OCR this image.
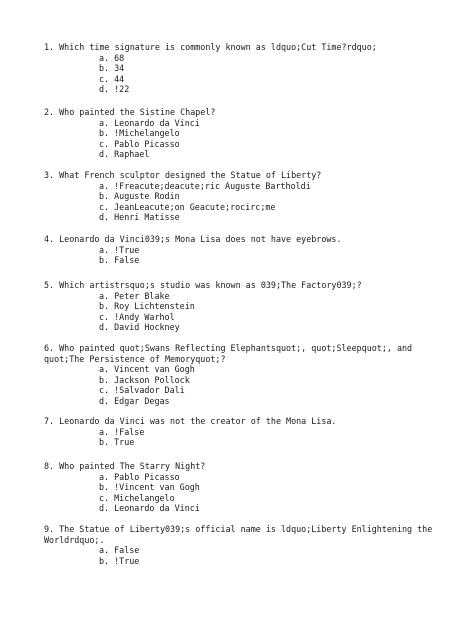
1. Which time signature is commonly known as ldquo;Cut Time?rdquo;
a. 68
b. 34
c. 44
d. !22
2. Who painted the Sistine Chapel?
a. Leonardo da Vinci
b. !Michelangelo
c. Pablo Picasso
d. Raphael
3. What French sculptor designed the Statue of Liberty?
a. !Freacute;deacute;ric Auguste Bartholdi
b. Auguste Rodin
c. JeanLeacute;on Geacute;rocirc;me
d. Henri Matisse
4. Leonardo da Vinci039;s Mona Lisa does not have eyebrows.
a. !True
b. False
5. Which artistrsquo;s studio was known as 039;The Factory039;?
a. Peter Blake
b. Roy Lichtenstein
c. !Andy Warhol
d. David Hockney
6. Who painted quot;Swans Reflecting Elephantsquot;, quot;Sleepquot;, and quot;The Persistence of Memoryquot;?
a. Vincent van Gogh
b. Jackson Pollock
c. !Salvador Dali
d. Edgar Degas
7. Leonardo da Vinci was not the creator of the Mona Lisa.
a. !False
b. True
8. Who painted The Starry Night?
a. Pablo Picasso
b. !Vincent van Gogh
c. Michelangelo
d. Leonardo da Vinci
9. The Statue of Liberty039;s official name is ldquo;Liberty Enlightening the Worldrdquo;.
a. False
b. !True
